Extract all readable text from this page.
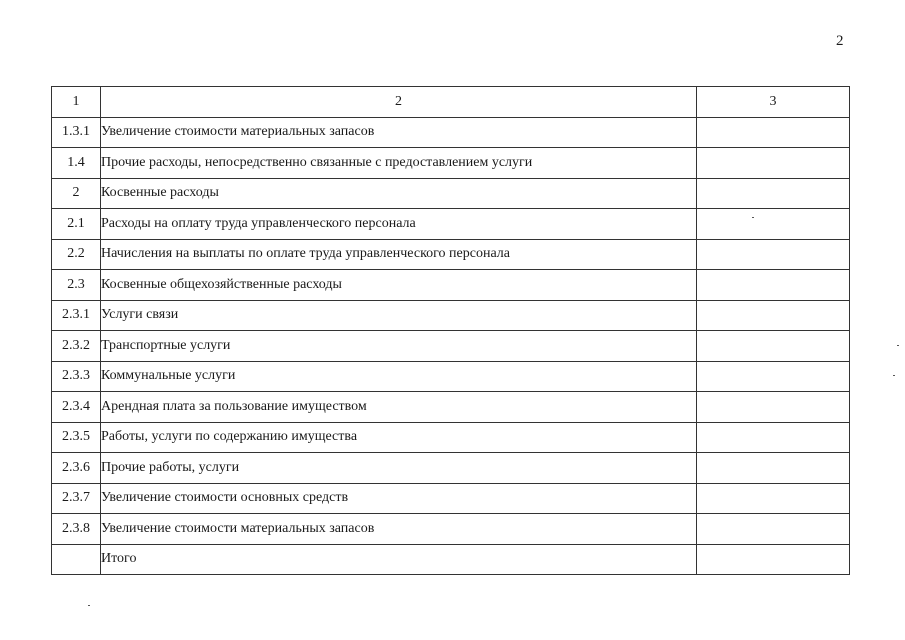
2
1	2	3
1.3.1	Увеличение стоимости материальных запасов	
1.4	Прочие расходы, непосредственно связанные с предоставлением услуги	
2	Косвенные расходы	
2.1	Расходы на оплату труда управленческого персонала	
2.2	Начисления на выплаты по оплате труда управленческого персонала	
2.3	Косвенные общехозяйственные расходы	
2.3.1	Услуги связи	
2.3.2	Транспортные услуги	
2.3.3	Коммунальные услуги	
2.3.4	Арендная плата за пользование имуществом	
2.3.5	Работы, услуги по содержанию имущества	
2.3.6	Прочие работы, услуги	
2.3.7	Увеличение стоимости основных средств	
2.3.8	Увеличение стоимости материальных запасов	
	Итого	
